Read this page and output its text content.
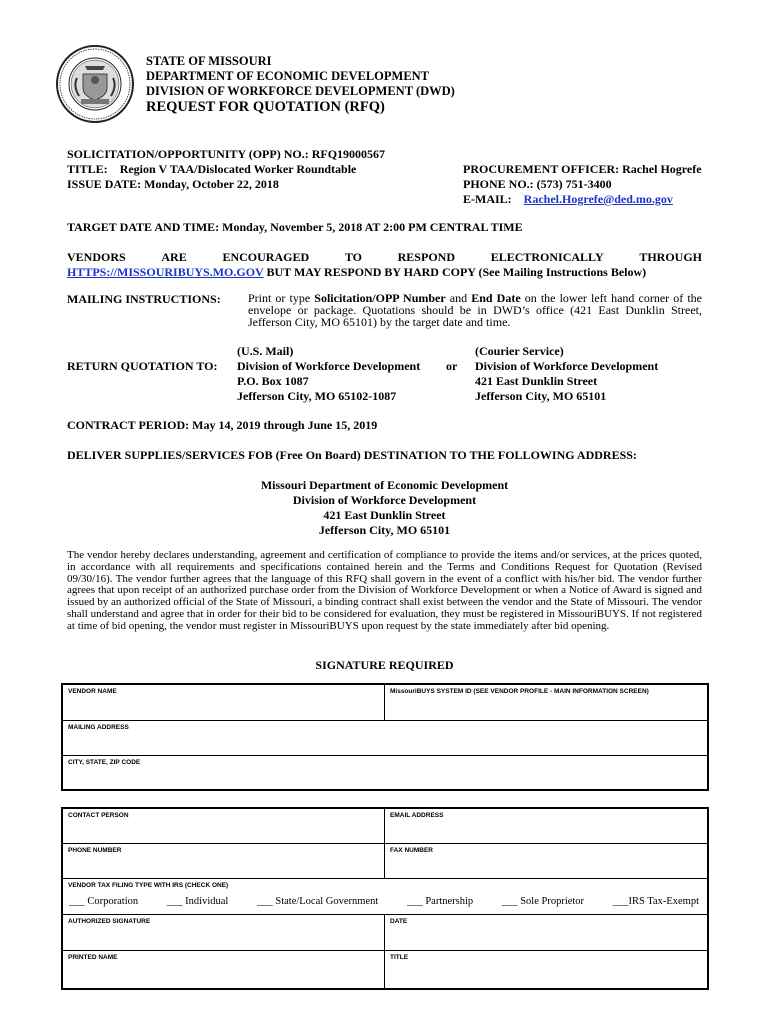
STATE OF MISSOURI
DEPARTMENT OF ECONOMIC DEVELOPMENT
DIVISION OF WORKFORCE DEVELOPMENT (DWD)
REQUEST FOR QUOTATION (RFQ)
SOLICITATION/OPPORTUNITY (OPP) NO.: RFQ19000567
TITLE: Region V TAA/Dislocated Worker Roundtable
ISSUE DATE: Monday, October 22, 2018
PROCUREMENT OFFICER: Rachel Hogrefe
PHONE NO.: (573) 751-3400
E-MAIL: Rachel.Hogrefe@ded.mo.gov
TARGET DATE AND TIME: Monday, November 5, 2018 AT 2:00 PM CENTRAL TIME
VENDORS	ARE	ENCOURAGED	TO	RESPOND	ELECTRONICALLY	THROUGH
HTTPS://MISSOURIBUYS.MO.GOV BUT MAY RESPOND BY HARD COPY (See Mailing Instructions Below)
MAILING INSTRUCTIONS: Print or type Solicitation/OPP Number and End Date on the lower left hand corner of the envelope or package. Quotations should be in DWD’s office (421 East Dunklin Street, Jefferson City, MO 65101) by the target date and time.
RETURN QUOTATION TO:
(U.S. Mail)
Division of Workforce Development
P.O. Box 1087
Jefferson City, MO 65102-1087
or
(Courier Service)
Division of Workforce Development
421 East Dunklin Street
Jefferson City, MO 65101
CONTRACT PERIOD: May 14, 2019 through June 15, 2019
DELIVER SUPPLIES/SERVICES FOB (Free On Board) DESTINATION TO THE FOLLOWING ADDRESS:
Missouri Department of Economic Development
Division of Workforce Development
421 East Dunklin Street
Jefferson City, MO 65101
The vendor hereby declares understanding, agreement and certification of compliance to provide the items and/or services, at the prices quoted, in accordance with all requirements and specifications contained herein and the Terms and Conditions Request for Quotation (Revised 09/30/16). The vendor further agrees that the language of this RFQ shall govern in the event of a conflict with his/her bid. The vendor further agrees that upon receipt of an authorized purchase order from the Division of Workforce Development or when a Notice of Award is signed and issued by an authorized official of the State of Missouri, a binding contract shall exist between the vendor and the State of Missouri. The vendor shall understand and agree that in order for their bid to be considered for evaluation, they must be registered in MissouriBUYS. If not registered at time of bid opening, the vendor must register in MissouriBUYS upon request by the state immediately after bid opening.
SIGNATURE REQUIRED
VENDOR NAME	MissouriBUYS SYSTEM ID (SEE VENDOR PROFILE - MAIN INFORMATION SCREEN)
MAILING ADDRESS
CITY, STATE, ZIP CODE
CONTACT PERSON	EMAIL ADDRESS
PHONE NUMBER	FAX NUMBER
VENDOR TAX FILING TYPE WITH IRS (CHECK ONE)
___ Corporation	___ Individual	___ State/Local Government	___ Partnership	___ Sole Proprietor	___IRS Tax-Exempt
AUTHORIZED SIGNATURE	DATE
PRINTED NAME	TITLE
